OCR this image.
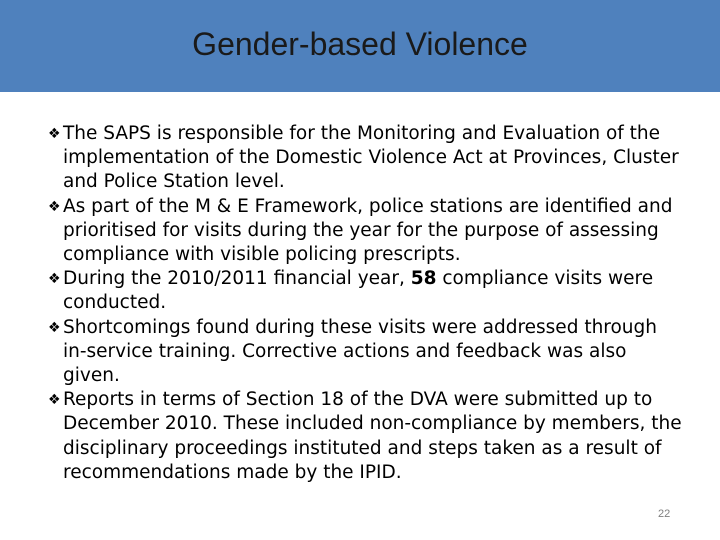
Gender-based Violence

❖ The SAPS is responsible for the Monitoring and Evaluation of the implementation of the Domestic Violence Act at Provinces, Cluster and Police Station level.

❖ As part of the M & E Framework, police stations are identified and prioritised for visits during the year for the purpose of assessing compliance with visible policing prescripts.

❖ During the 2010/2011 financial year, 58 compliance visits were conducted.

❖ Shortcomings found during these visits were addressed through in-service training. Corrective actions and feedback was also given.

❖ Reports in terms of Section 18 of the DVA were submitted up to December 2010. These included non-compliance by members, the disciplinary proceedings instituted and steps taken as a result of recommendations made by the IPID.

22
